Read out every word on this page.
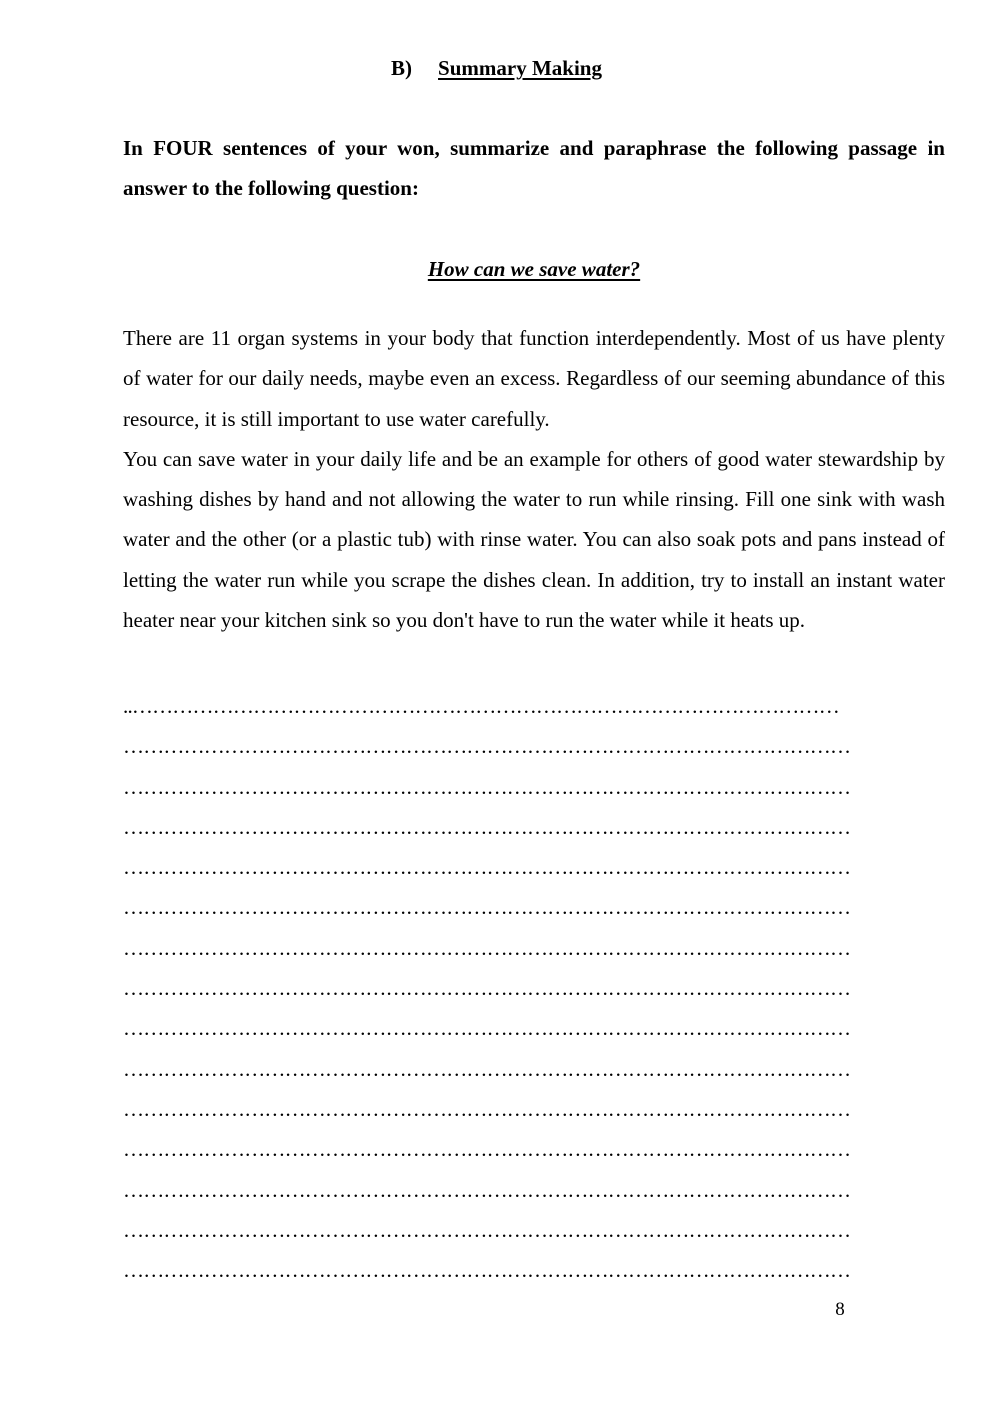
B) Summary Making
In FOUR sentences of your won, summarize and paraphrase the following passage in answer to the following question:
How can we save water?

There are 11 organ systems in your body that function interdependently. Most of us have plenty of water for our daily needs, maybe even an excess. Regardless of our seeming abundance of this resource, it is still important to use water carefully.

You can save water in your daily life and be an example for others of good water stewardship by washing dishes by hand and not allowing the water to run while rinsing. Fill one sink with wash water and the other (or a plastic tub) with rinse water. You can also soak pots and pans instead of letting the water run while you scrape the dishes clean. In addition, try to install an instant water heater near your kitchen sink so you don't have to run the water while it heats up.

..……………………………………………………………………………………………
………………………………………………………………………………………………
………………………………………………………………………………………………
………………………………………………………………………………………………
………………………………………………………………………………………………
………………………………………………………………………………………………
………………………………………………………………………………………………
………………………………………………………………………………………………
………………………………………………………………………………………………
………………………………………………………………………………………………
………………………………………………………………………………………………
………………………………………………………………………………………………
………………………………………………………………………………………………
………………………………………………………………………………………………
………………………………………………………………………………………………
8
